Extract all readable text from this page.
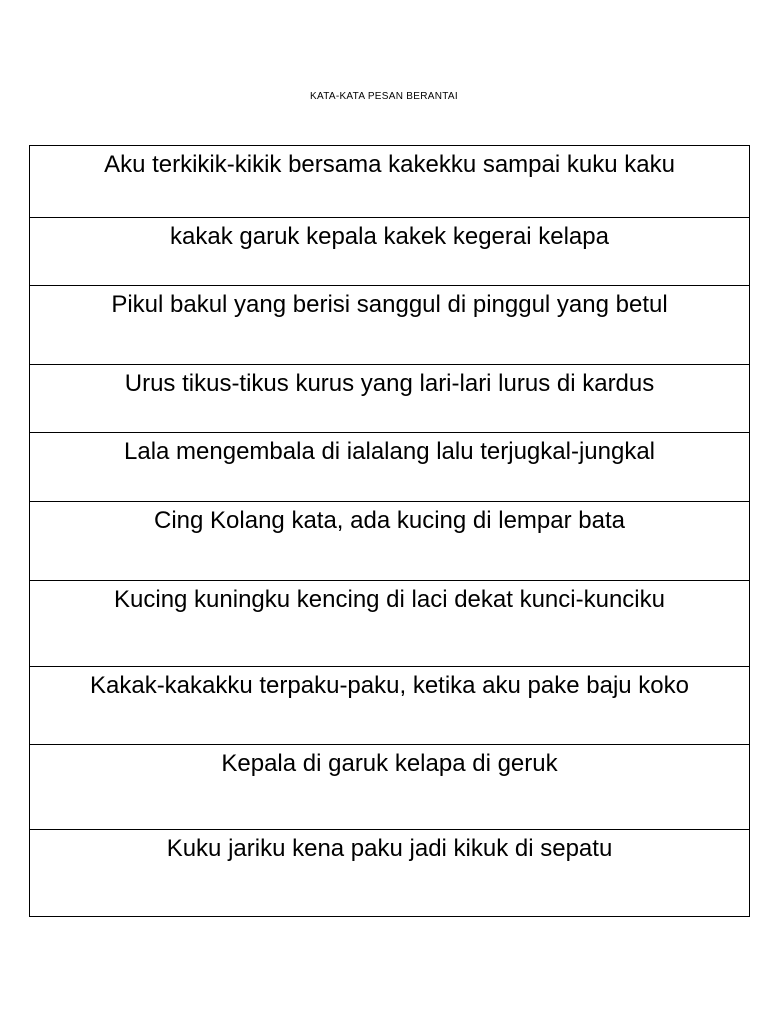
KATA-KATA PESAN BERANTAI
Aku terkikik-kikik bersama kakekku sampai kuku kaku
kakak garuk kepala kakek kegerai kelapa
Pikul bakul yang berisi sanggul di pinggul yang betul
Urus tikus-tikus kurus yang lari-lari lurus di kardus
Lala mengembala di ialalang lalu terjugkal-jungkal
Cing Kolang kata, ada kucing di lempar bata
Kucing kuningku kencing di laci dekat kunci-kunciku
Kakak-kakakku terpaku-paku, ketika aku pake baju koko
Kepala di garuk kelapa di geruk
Kuku jariku kena paku jadi kikuk di sepatu
